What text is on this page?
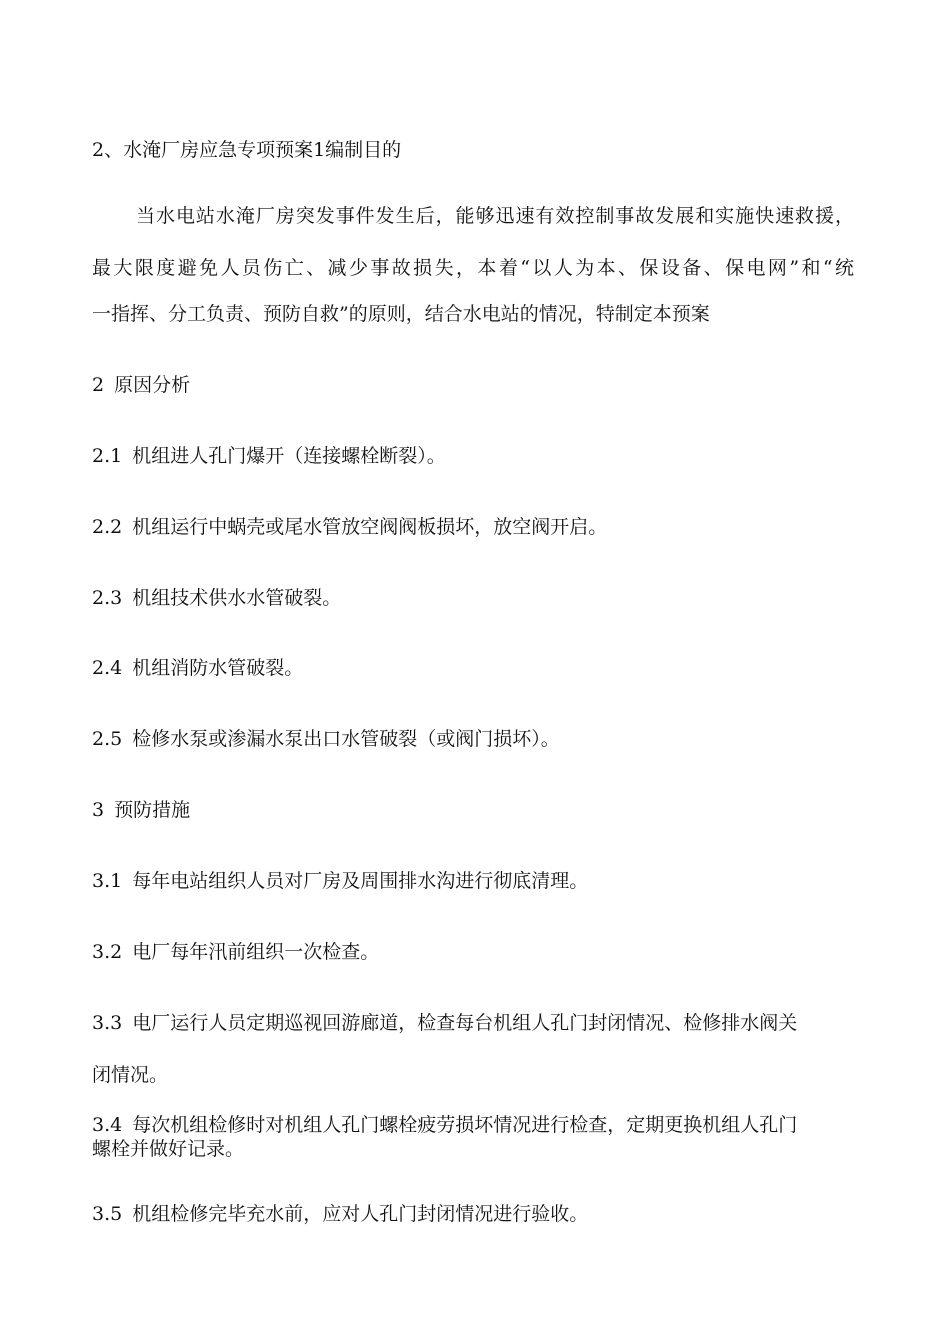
2、水淹厂房应急专项预案1编制目的
当水电站水淹厂房突发事件发生后，能够迅速有效控制事故发展和实施快速救援，
最大限度避免人员伤亡、减少事故损失，本着“以人为本、保设备、保电网”和“统
一指挥、分工负责、预防自救”的原则，结合水电站的情况，特制定本预案
2 原因分析
2.1 机组进人孔门爆开（连接螺栓断裂）。
2.2 机组运行中蜗壳或尾水管放空阀阀板损坏，放空阀开启。
2.3 机组技术供水水管破裂。
2.4 机组消防水管破裂。
2.5 检修水泵或渗漏水泵出口水管破裂（或阀门损坏）。
3 预防措施
3.1 每年电站组织人员对厂房及周围排水沟进行彻底清理。
3.2 电厂每年汛前组织一次检查。
3.3 电厂运行人员定期巡视回游廊道，检查每台机组人孔门封闭情况、检修排水阀关
闭情况。
3.4 每次机组检修时对机组人孔门螺栓疲劳损坏情况进行检查，定期更换机组人孔门
螺栓并做好记录。
3.5 机组检修完毕充水前，应对人孔门封闭情况进行验收。
